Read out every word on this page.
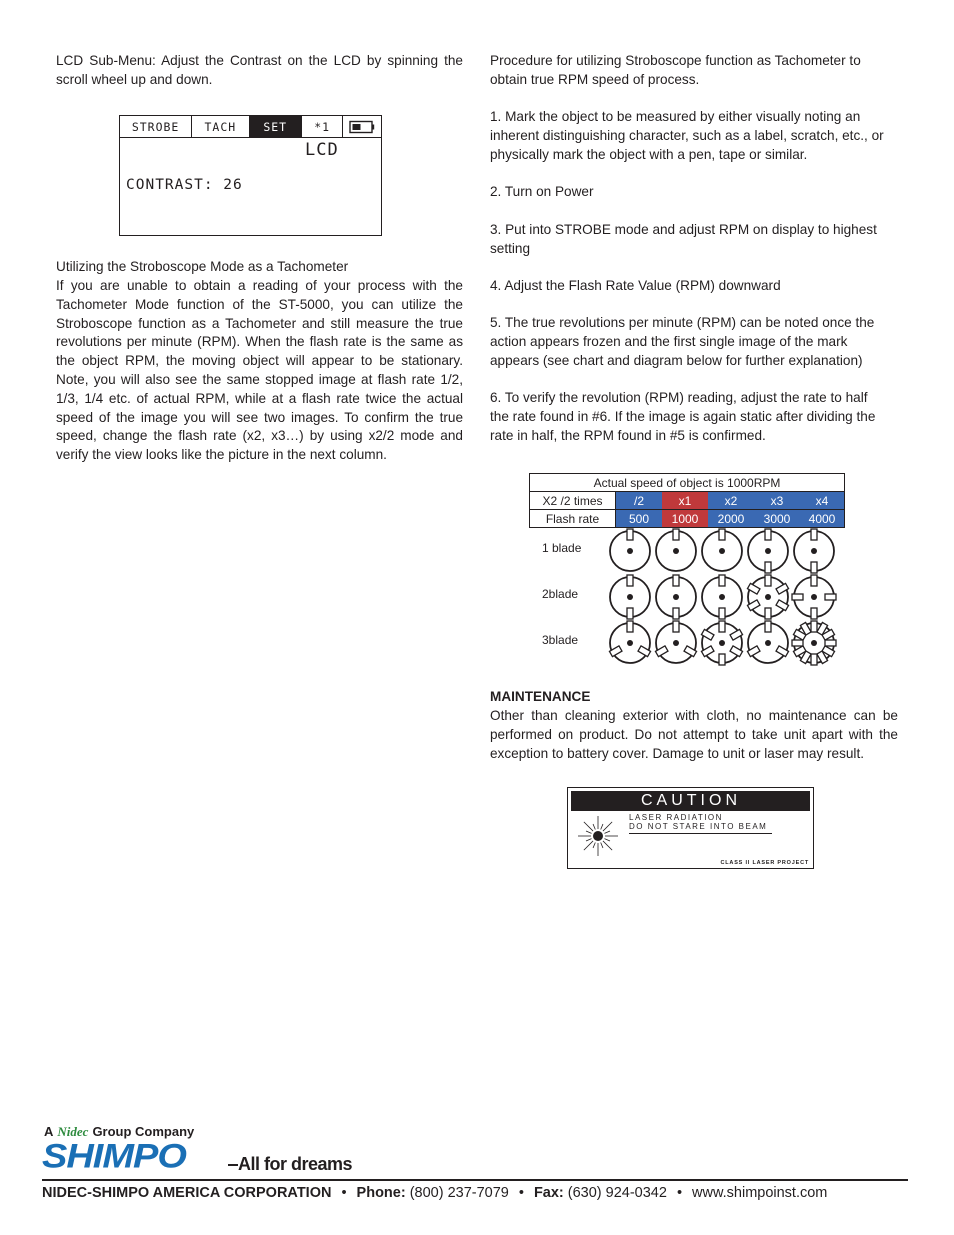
LCD Sub-Menu: Adjust the Contrast on the LCD by spinning the scroll wheel up and down.

STROBE	TACH	SET	*1
LCD
CONTRAST: 26

Utilizing the Stroboscope Mode as a Tachometer

If you are unable to obtain a reading of your process with the Tachometer Mode function of the ST-5000, you can utilize the Stroboscope function as a Tachometer and still measure the true revolutions per minute (RPM). When the flash rate is the same as the object RPM, the moving object will appear to be stationary. Note, you will also see the same stopped image at flash rate 1/2, 1/3, 1/4 etc. of actual RPM, while at a flash rate twice the actual speed of the image you will see two images. To confirm the true speed, change the flash rate (x2, x3…) by using x2/2 mode and verify the view looks like the picture in the next column.

Procedure for utilizing Stroboscope function as Tachometer to obtain true RPM speed of process.

1. Mark the object to be measured by either visually noting an inherent distinguishing character, such as a label, scratch, etc., or physically mark the object with a pen, tape or similar.

2. Turn on Power

3. Put into STROBE mode and adjust RPM on display to highest setting

4. Adjust the Flash Rate Value (RPM) downward

5. The true revolutions per minute (RPM) can be noted once the action appears frozen and the first single image of the mark appears (see chart and diagram below for further explanation)

6. To verify the revolution (RPM) reading, adjust the rate to half the rate found in #6. If the image is again static after dividing the rate in half, the RPM found in #5 is confirmed.

Actual speed of object is 1000RPM
X2 /2 times	/2	x1	x2	x3	x4
Flash rate	500	1000	2000	3000	4000
1 blade
2blade
3blade

MAINTENANCE

Other than cleaning exterior with cloth, no maintenance can be performed on product. Do not attempt to take unit apart with the exception to battery cover. Damage to unit or laser may result.

CAUTION
LASER RADIATION
DO NOT STARE INTO BEAM
CLASS II LASER PROJECT
A Nidec Group Company
SHIMPO	All for dreams
NIDEC-SHIMPO AMERICA CORPORATION • Phone: (800) 237-7079 • Fax: (630) 924-0342 • www.shimpoinst.com
